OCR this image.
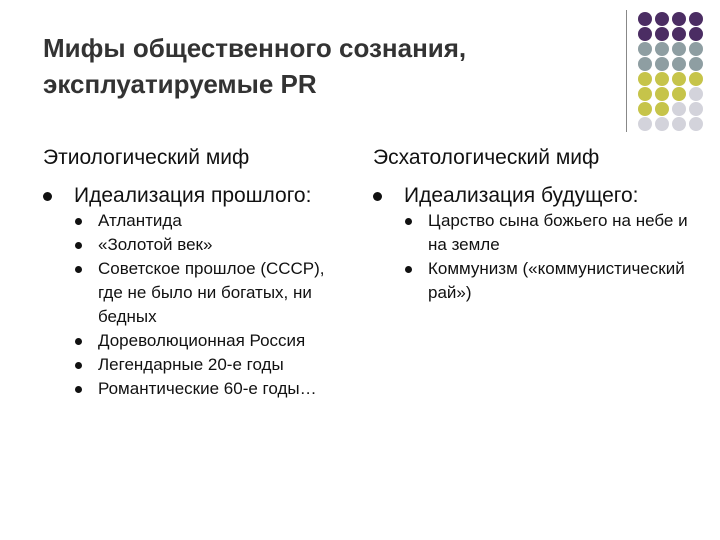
Мифы общественного сознания,
эксплуатируемые PR
Этиологический миф
Идеализация прошлого:
Атлантида
«Золотой век»
Советское прошлое (СССР), где не было ни богатых, ни бедных
Дореволюционная Россия
Легендарные 20-е годы
Романтические 60-е годы…
Эсхатологический миф
Идеализация будущего:
Царство сына божьего на небе и на земле
Коммунизм («коммунистический рай»)
